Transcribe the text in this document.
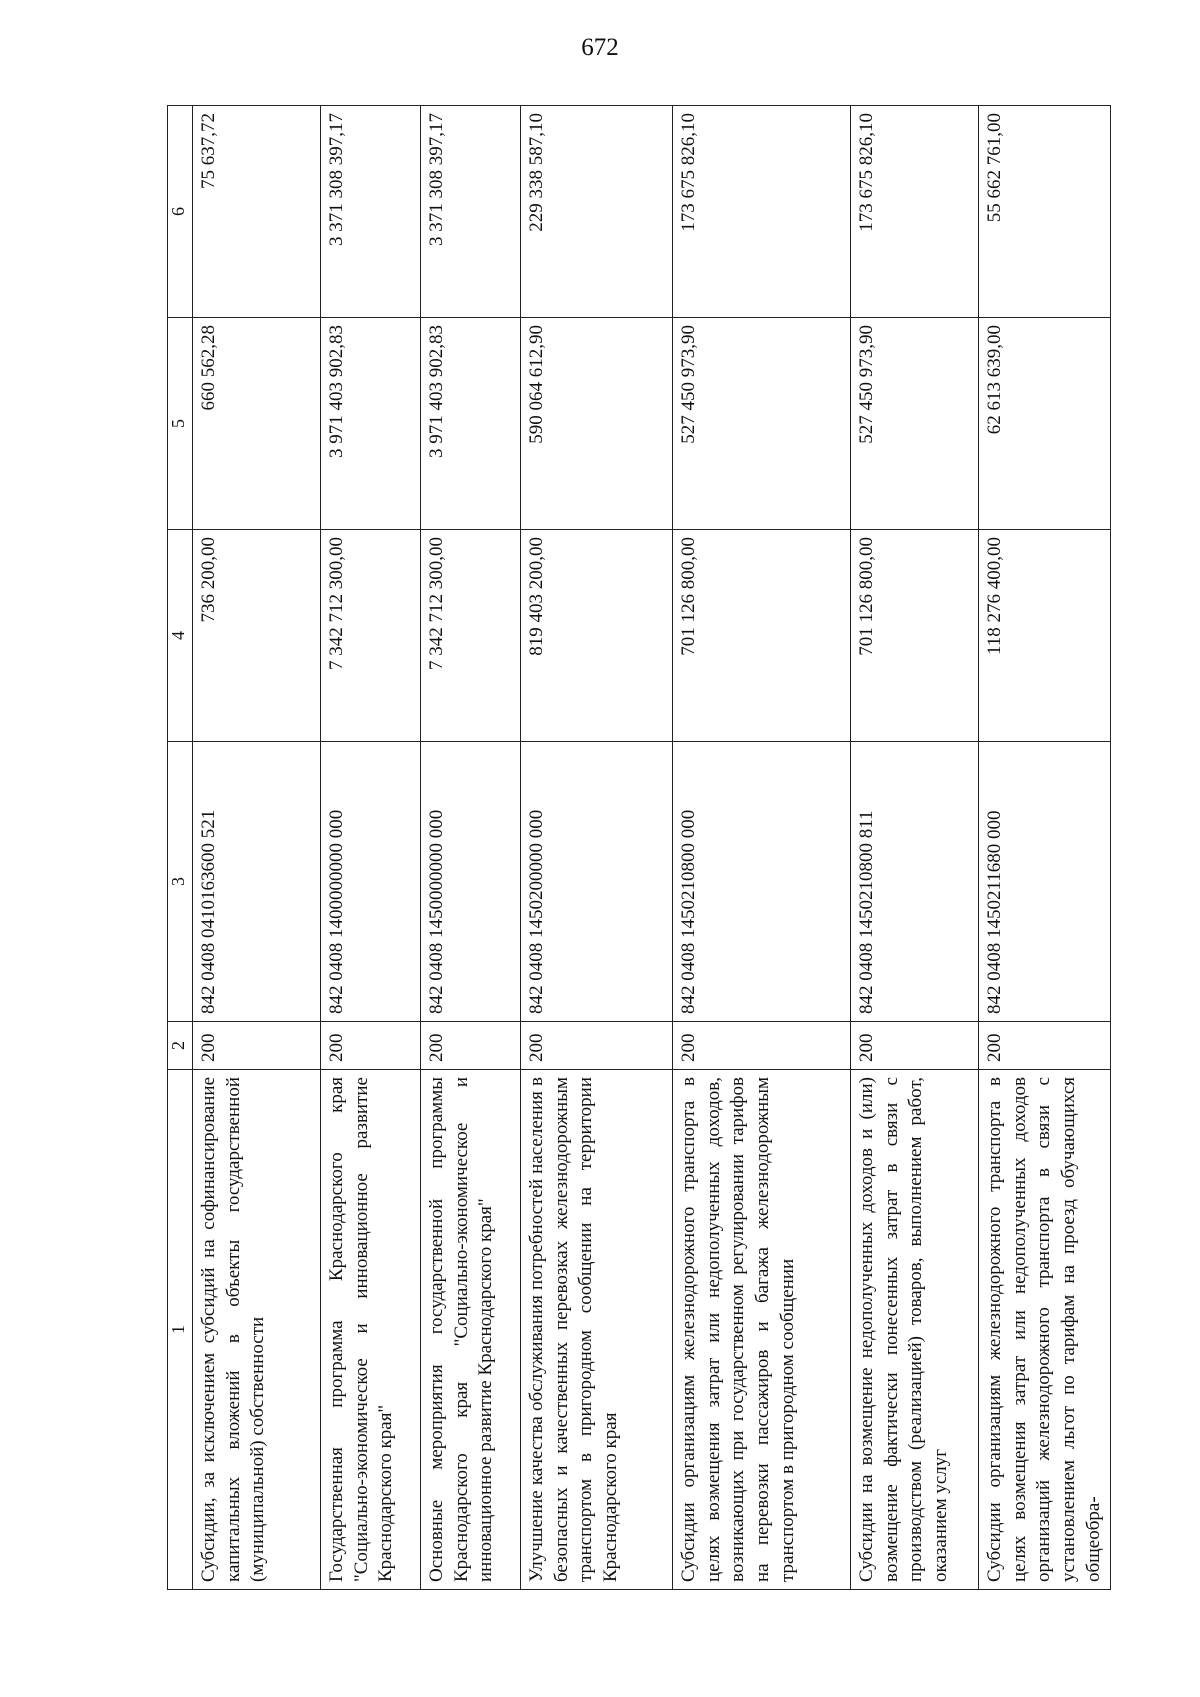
672
1	2	3	4	5	6
Субсидии, за исключением субсидий на софинансирование капитальных вложений в объекты государственной (муниципальной) собственности	200	842 0408 0410163600 521	736 200,00	660 562,28	75 637,72
Государственная программа Краснодарского края "Социально-экономическое и инновационное развитие Краснодарского края"	200	842 0408 1400000000 000	7 342 712 300,00	3 971 403 902,83	3 371 308 397,17
Основные мероприятия государственной программы Краснодарского края "Социально-экономическое и инновационное развитие Краснодарского края"	200	842 0408 1450000000 000	7 342 712 300,00	3 971 403 902,83	3 371 308 397,17
Улучшение качества обслуживания потребностей населения в безопасных и качественных перевозках железнодорожным транспортом в пригородном сообщении на территории Краснодарского края	200	842 0408 1450200000 000	819 403 200,00	590 064 612,90	229 338 587,10
Субсидии организациям железнодорожного транспорта в целях возмещения затрат или недополученных доходов, возникающих при государственном регулировании тарифов на перевозки пассажиров и багажа железнодорожным транспортом в пригородном сообщении	200	842 0408 1450210800 000	701 126 800,00	527 450 973,90	173 675 826,10
Субсидии на возмещение недополученных доходов и (или) возмещение фактически понесенных затрат в связи с производством (реализацией) товаров, выполнением работ, оказанием услуг	200	842 0408 1450210800 811	701 126 800,00	527 450 973,90	173 675 826,10
Субсидии организациям железнодорожного транспорта в целях возмещения затрат или недополученных доходов организаций железнодорожного транспорта в связи с установлением льгот по тарифам на проезд обучающихся общеобра-	200	842 0408 1450211680 000	118 276 400,00	62 613 639,00	55 662 761,00
